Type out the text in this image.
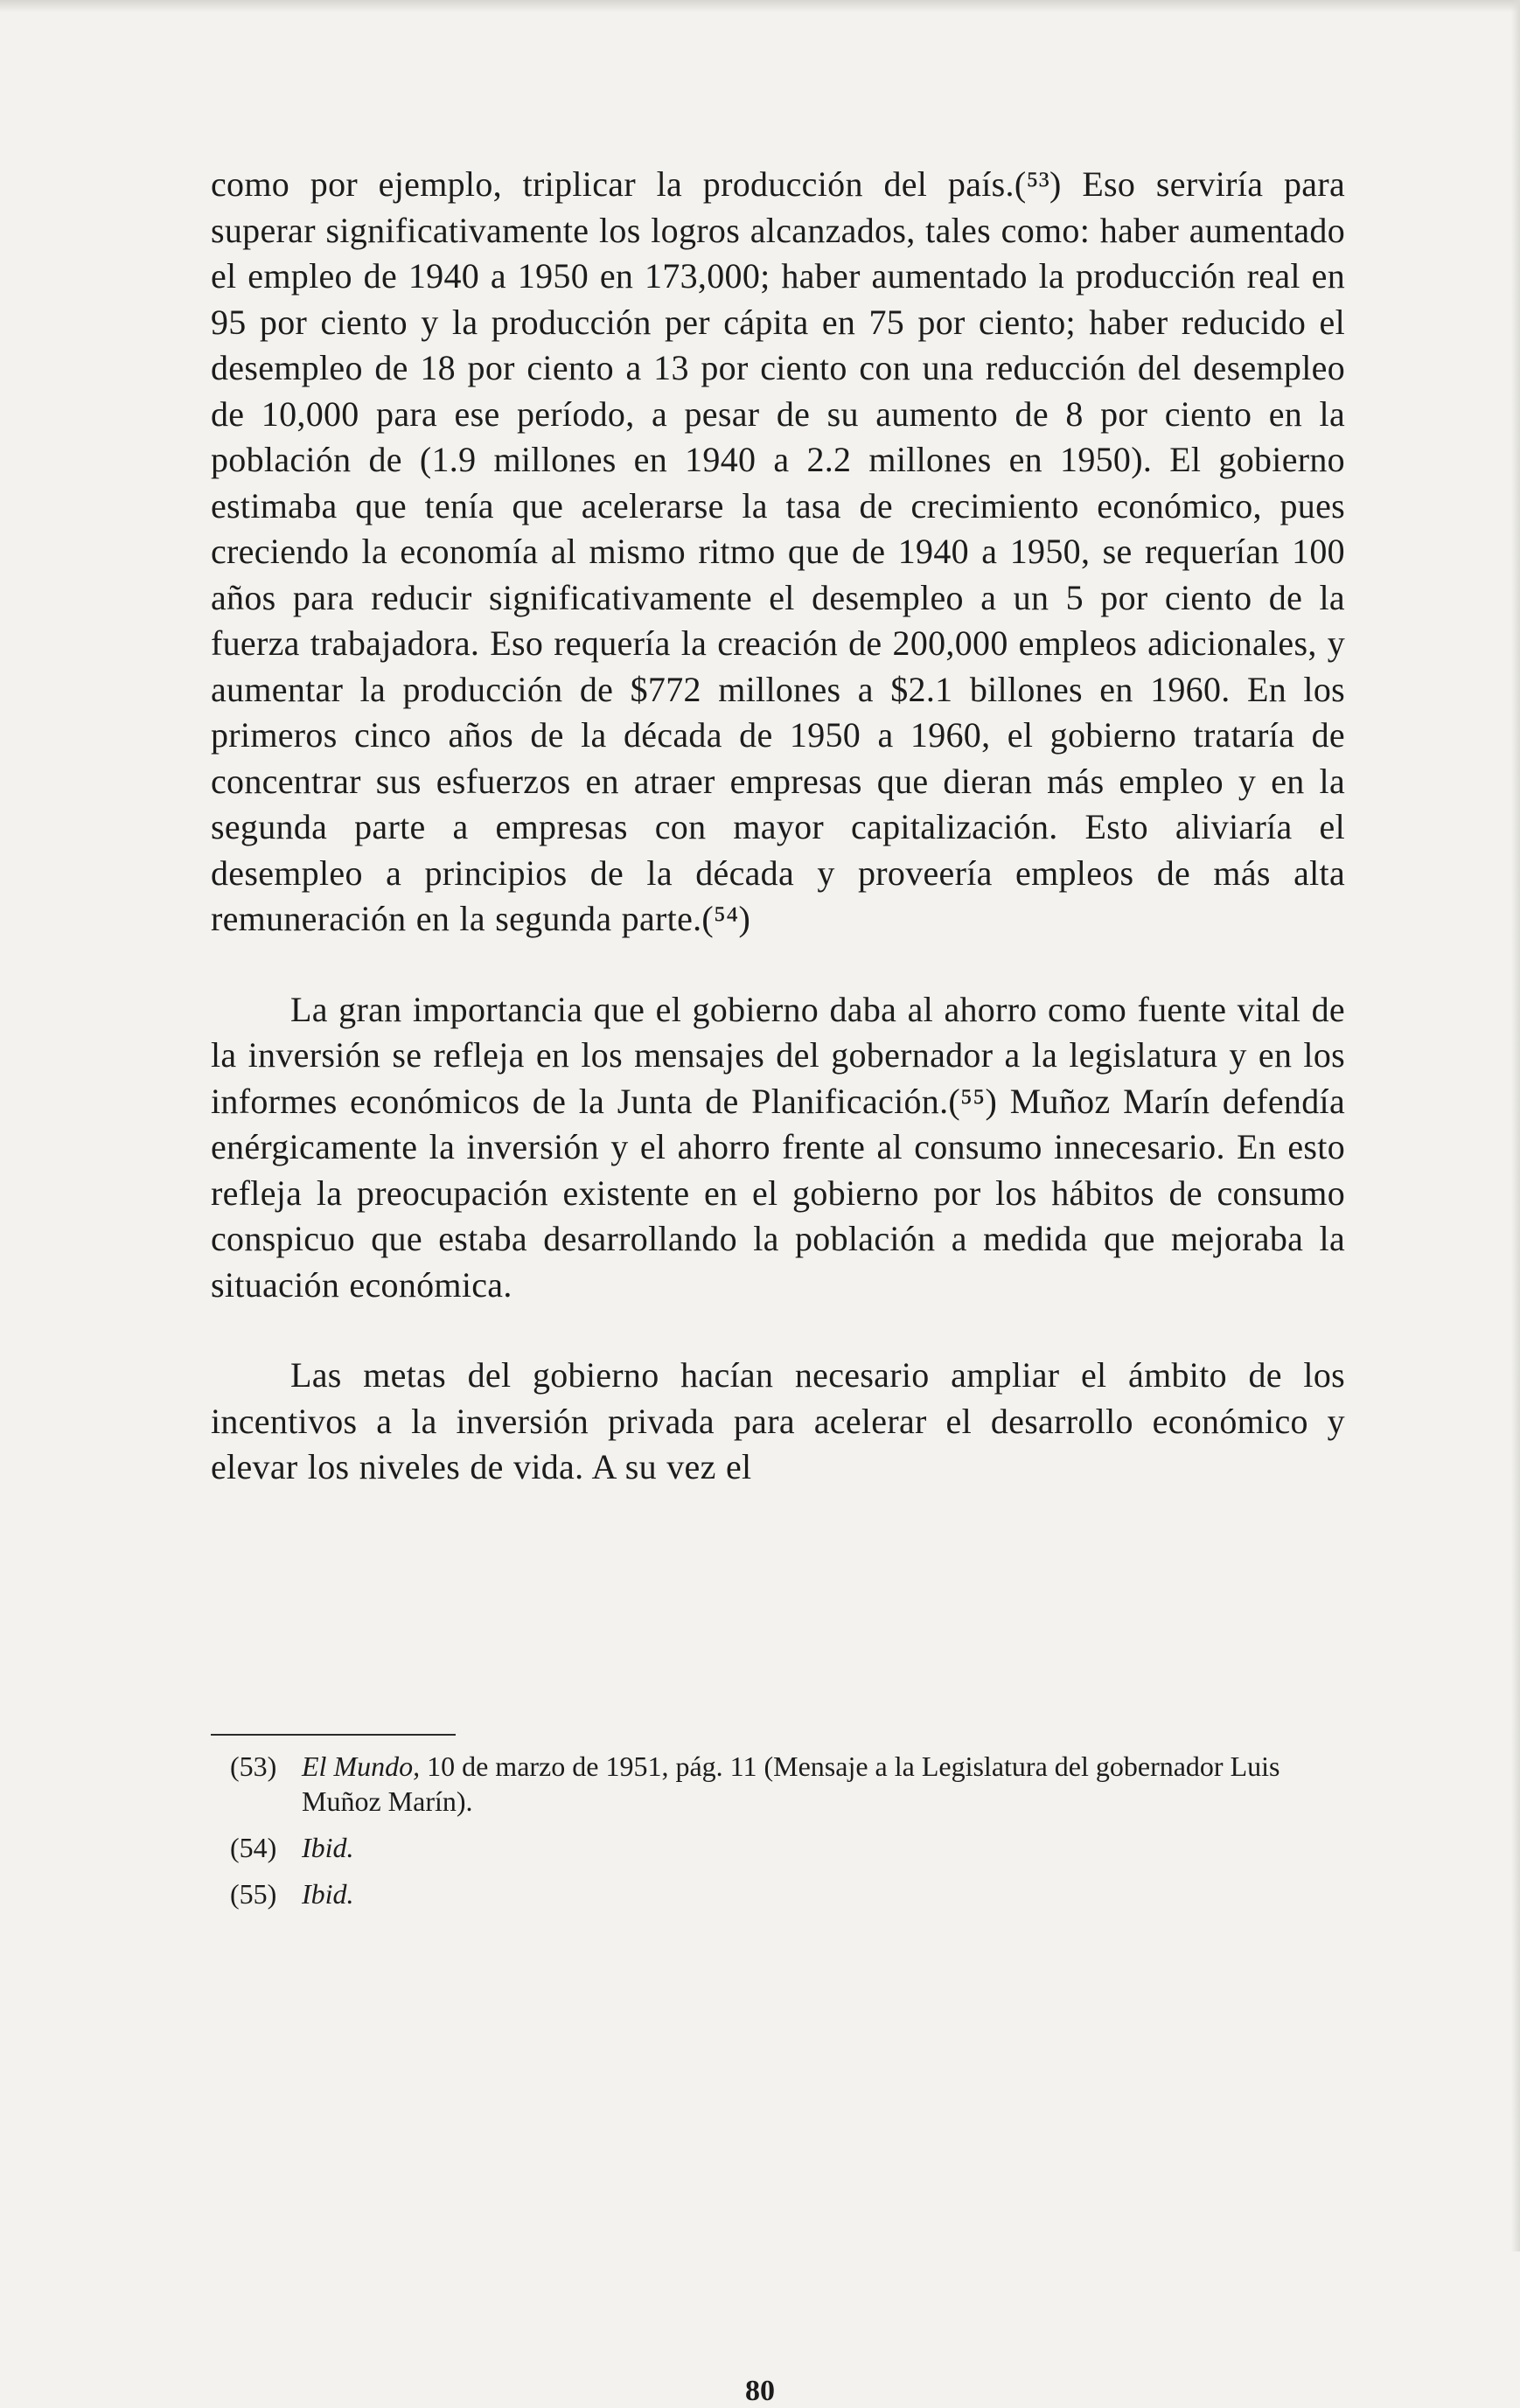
como por ejemplo, triplicar la producción del país.(⁵³) Eso serviría para superar significativamente los logros alcanzados, tales como: haber aumentado el empleo de 1940 a 1950 en 173,000; haber aumentado la producción real en 95 por ciento y la producción per cápita en 75 por ciento; haber reducido el desempleo de 18 por ciento a 13 por ciento con una reducción del desempleo de 10,000 para ese período, a pesar de su aumento de 8 por ciento en la población de (1.9 millones en 1940 a 2.2 millones en 1950). El gobierno estimaba que tenía que acelerarse la tasa de crecimiento económico, pues creciendo la economía al mismo ritmo que de 1940 a 1950, se requerían 100 años para reducir significativamente el desempleo a un 5 por ciento de la fuerza trabajadora. Eso requería la creación de 200,000 empleos adicionales, y aumentar la producción de $772 millones a $2.1 billones en 1960. En los primeros cinco años de la década de 1950 a 1960, el gobierno trataría de concentrar sus esfuerzos en atraer empresas que dieran más empleo y en la segunda parte a empresas con mayor capitalización. Esto aliviaría el desempleo a principios de la década y proveería empleos de más alta remuneración en la segunda parte.(⁵⁴)

La gran importancia que el gobierno daba al ahorro como fuente vital de la inversión se refleja en los mensajes del gobernador a la legislatura y en los informes económicos de la Junta de Planificación.(⁵⁵) Muñoz Marín defendía enérgicamente la inversión y el ahorro frente al consumo innecesario. En esto refleja la preocupación existente en el gobierno por los hábitos de consumo conspicuo que estaba desarrollando la población a medida que mejoraba la situación económica.

Las metas del gobierno hacían necesario ampliar el ámbito de los incentivos a la inversión privada para acelerar el desarrollo económico y elevar los niveles de vida. A su vez el

(53) El Mundo, 10 de marzo de 1951, pág. 11 (Mensaje a la Legislatura del gobernador Luis Muñoz Marín).
(54) Ibid.
(55) Ibid.
80
